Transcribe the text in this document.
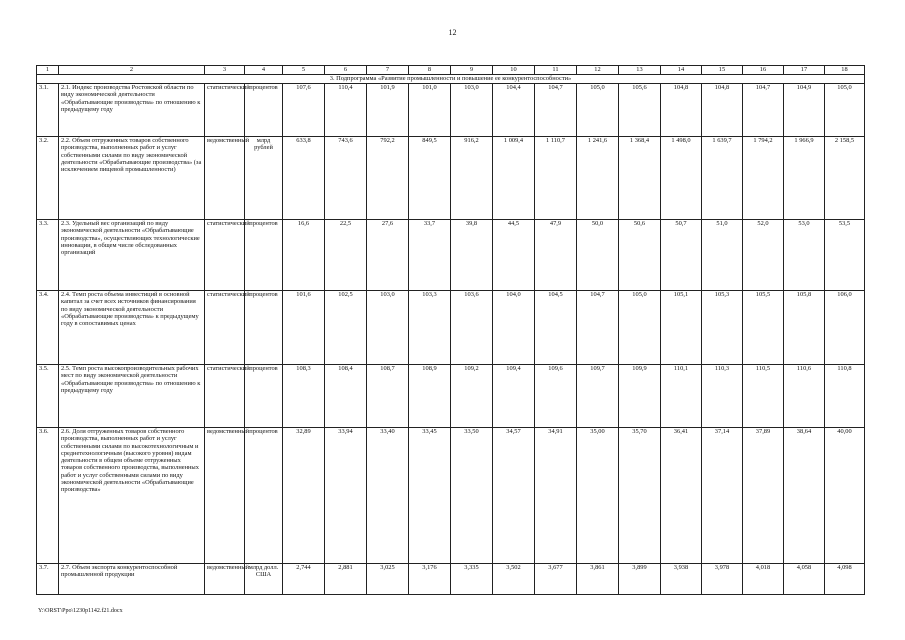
12
1	2	3	4	5	6	7	8	9	10	11	12	13	14	15	16	17	18
3. Подпрограмма «Развитие промышленности и повышение ее конкурентоспособности»																	
3.1.	2.1. Индекс производства Ростовской области по виду экономической деятельности «Обрабатывающие производства» по отношению к предыдущему году	статистический	процентов	107,6	110,4	101,9	101,0	103,0	104,4	104,7	105,0	105,6	104,8	104,8	104,7	104,9	105,0
3.2.	2.2. Объем отгруженных товаров собственного производства, выполненных работ и услуг собственными силами по виду экономической деятельности «Обрабатывающие производства» (за исключением пищевой промышленности)	ведомственный	млрд рублей	633,8	743,6	792,2	849,5	916,2	1 009,4	1 110,7	1 241,6	1 368,4	1 498,0	1 639,7	1 794,2	1 966,9	2 158,5
3.3.	2.3. Удельный вес организаций по виду экономической деятельности «Обрабатывающие производства», осуществляющих технологические инновации, в общем числе обследованных организаций	статистический	процентов	16,6	22,5	27,6	33,7	39,8	44,5	47,9	50,0	50,6	50,7	51,0	52,0	53,0	53,5
3.4.	2.4. Темп роста объема инвестиций в основной капитал за счет всех источников финансирования по виду экономической деятельности «Обрабатывающие производства» к предыдущему году в сопоставимых ценах	статистический	процентов	101,6	102,5	103,0	103,3	103,6	104,0	104,5	104,7	105,0	105,1	105,3	105,5	105,8	106,0
3.5.	2.5. Темп роста высокопроизводительных рабочих мест по виду экономической деятельности «Обрабатывающие производства» по отношению к предыдущему году	статистический	процентов	108,3	108,4	108,7	108,9	109,2	109,4	109,6	109,7	109,9	110,1	110,3	110,5	110,6	110,8
3.6.	2.6. Доля отгруженных товаров собственного производства, выполненных работ и услуг собственными силами по высокотехнологичным и среднетехнологичным (высокого уровня) видам деятельности в общем объеме отгруженных товаров собственного производства, выполненных работ и услуг собственными силами по виду экономической деятельности «Обрабатывающие производства»	ведомственный	процентов	32,89	33,94	33,40	33,45	33,50	34,57	34,91	35,00	35,70	36,41	37,14	37,89	38,64	40,00
3.7.	2.7. Объем экспорта конкурентоспособной промышленной продукции	ведомственный	млрд долл. США	2,744	2,881	3,025	3,176	3,335	3,502	3,677	3,861	3,899	3,938	3,978	4,018	4,058	4,098
Y:\ORST\Ppo\1230p1142.f21.docx
